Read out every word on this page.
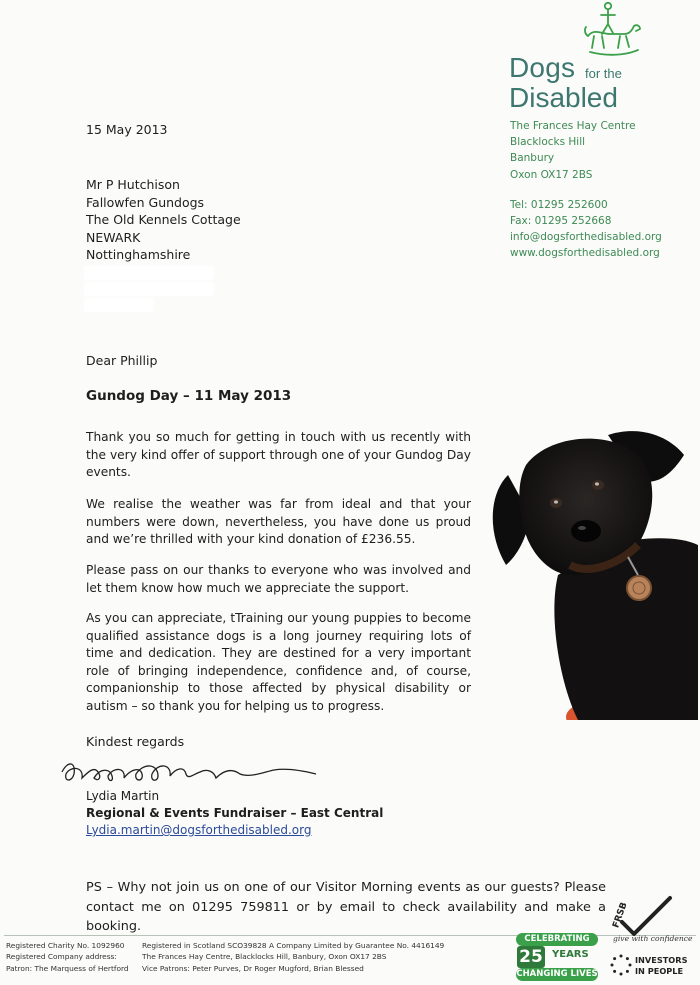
Dogs for the
Disabled
The Frances Hay Centre
Blacklocks Hill
Banbury
Oxon OX17 2BS
Tel: 01295 252600
Fax: 01295 252668
info@dogsforthedisabled.org
www.dogsforthedisabled.org
15 May 2013
Mr P Hutchison
Fallowfen Gundogs
The Old Kennels Cottage
NEWARK
Nottinghamshire
Dear Phillip
Gundog Day – 11 May 2013

Thank you so much for getting in touch with us recently with the very kind offer of support through one of your Gundog Day events.

We realise the weather was far from ideal and that your numbers were down, nevertheless, you have done us proud and we’re thrilled with your kind donation of £236.55.

Please pass on our thanks to everyone who was involved and let them know how much we appreciate the support.

As you can appreciate, tTraining our young puppies to become qualified assistance dogs is a long journey requiring lots of time and dedication. They are destined for a very important role of bringing independence, confidence and, of course, companionship to those affected by physical disability or autism – so thank you for helping us to progress.

Kindest regards
Lydia Martin
Regional & Events Fundraiser – East Central
Lydia.martin@dogsforthedisabled.org

PS – Why not join us on one of our Visitor Morning events as our guests? Please contact me on 01295 759811 or by email to check availability and make a booking.

Registered Charity No. 1092960
Registered Company address:
Patron: The Marquess of Hertford
Registered in Scotland SCO39828 A Company Limited by Guarantee No. 4416149
The Frances Hay Centre, Blacklocks Hill, Banbury, Oxon OX17 2BS
Vice Patrons: Peter Purves, Dr Roger Mugford, Brian Blessed
CELEBRATING
25 YEARS
CHANGING LIVES
FRSB
give with confidence
INVESTORS
IN PEOPLE
